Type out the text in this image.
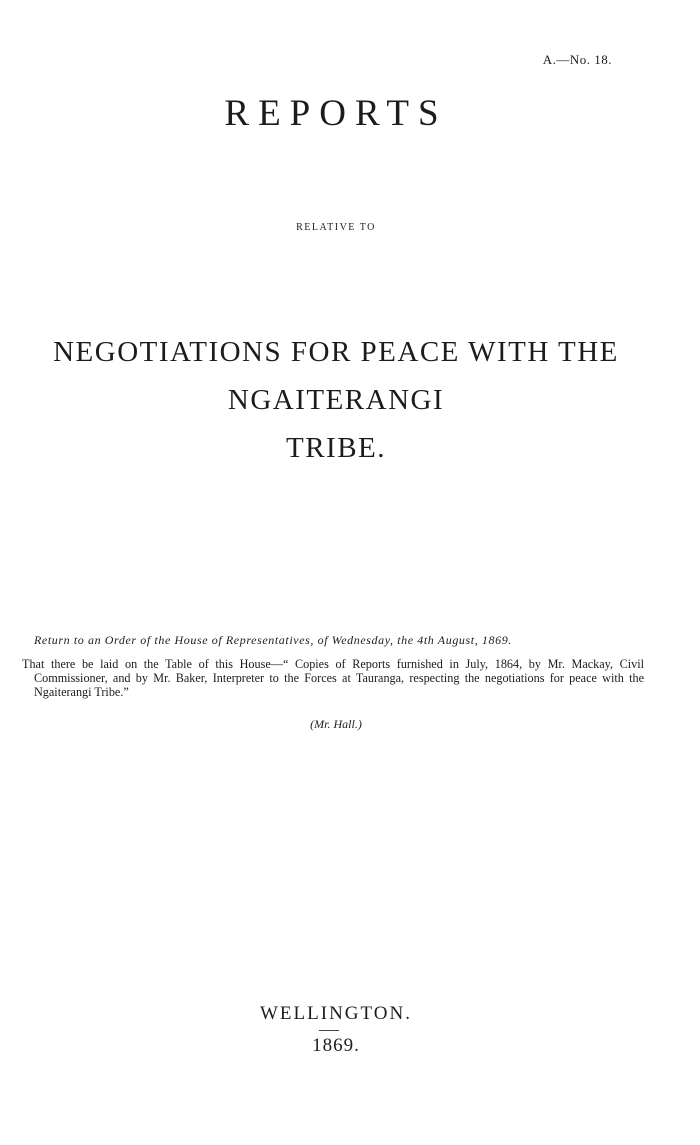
A.—No. 18.
REPORTS
RELATIVE TO
NEGOTIATIONS FOR PEACE WITH THE NGAITERANGI
TRIBE.
Return to an Order of the House of Representatives, of Wednesday, the 4th August, 1869.

That there be laid on the Table of this House—“ Copies of Reports furnished in July, 1864, by Mr. Mackay, Civil Commissioner, and by Mr. Baker, Interpreter to the Forces at Tauranga, respecting the negotiations for peace with the Ngaiterangi Tribe.”

(Mr. Hall.)
WELLINGTON.
1869.
